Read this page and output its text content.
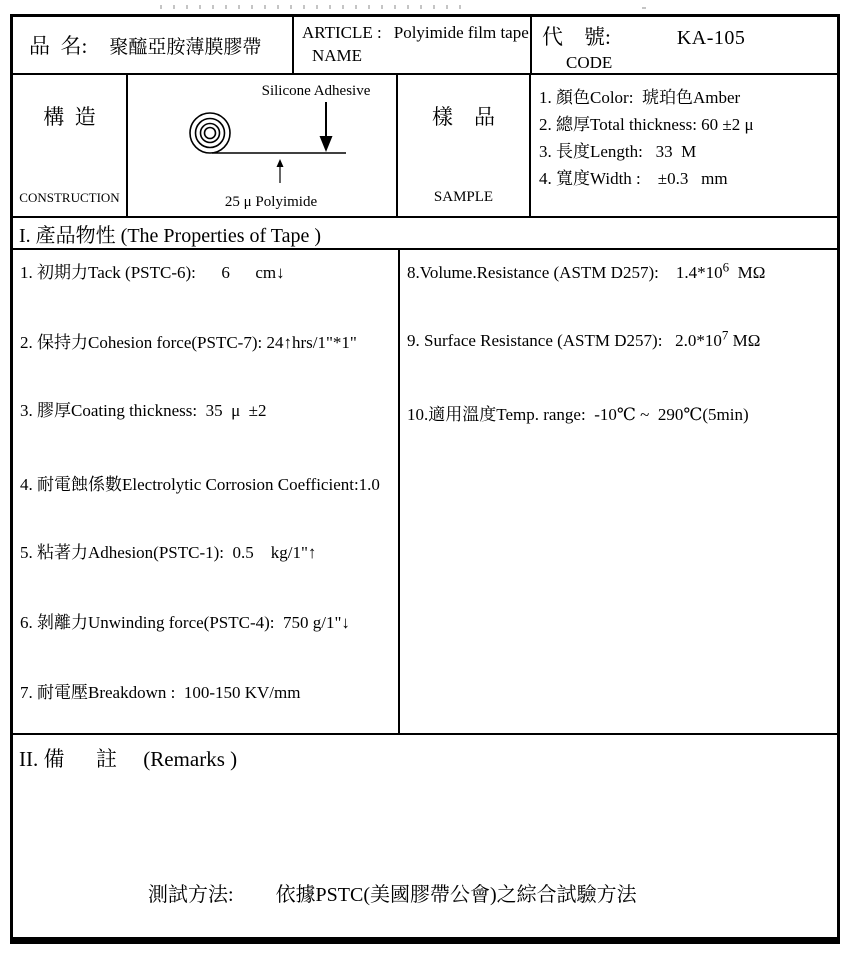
品  名: 聚醯亞胺薄膜膠帶
ARTICLE : Polyimide film tape
NAME
代    號:	KA-105
CODE
構  造
CONSTRUCTION
Silicone Adhesive
25 μ Polyimide
樣    品
SAMPLE
1. 顏色Color:  琥珀色Amber
2. 總厚Total thickness: 60 ±2 μ
3. 長度Length:   33  M
4. 寬度Width :    ±0.3   mm
I. 產品物性 (The Properties of Tape )
1. 初期力Tack (PSTC-6):      6      cm↓
2. 保持力Cohesion force(PSTC-7): 24↑hrs/1"*1"
3. 膠厚Coating thickness:  35  μ  ±2
4. 耐電蝕係數Electrolytic Corrosion Coefficient:1.0
5. 粘著力Adhesion(PSTC-1):  0.5    kg/1"↑
6. 剝離力Unwinding force(PSTC-4):  750 g/1"↓
7. 耐電壓Breakdown :  100-150 KV/mm
8.Volume.Resistance (ASTM D257):    $1.4*10^6$  MΩ
9. Surface Resistance (ASTM D257):   $2.0*10^7$ MΩ
10.適用溫度Temp. range:  -10℃ ~  290℃(5min)
II. 備      註     (Remarks )

測試方法: 依據PSTC(美國膠帶公會)之綜合試驗方法
